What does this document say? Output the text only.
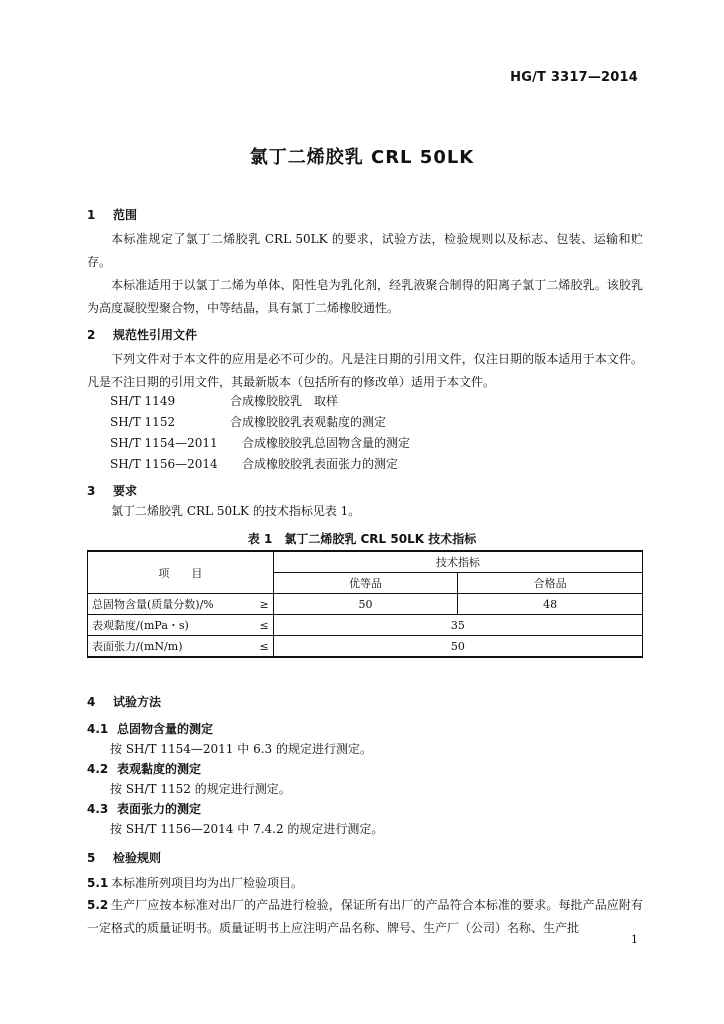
HG/T 3317—2014
氯丁二烯胶乳 CRL 50LK
1 范围
本标准规定了氯丁二烯胶乳 CRL 50LK 的要求，试验方法，检验规则以及标志、包装、运输和贮存。
本标准适用于以氯丁二烯为单体、阳性皂为乳化剂，经乳液聚合制得的阳离子氯丁二烯胶乳。该胶乳为高度凝胶型聚合物，中等结晶，具有氯丁二烯橡胶通性。
2 规范性引用文件
下列文件对于本文件的应用是必不可少的。凡是注日期的引用文件，仅注日期的版本适用于本文件。凡是不注日期的引用文件，其最新版本（包括所有的修改单）适用于本文件。
SH/T 1149	合成橡胶胶乳　取样
SH/T 1152	合成橡胶胶乳表观黏度的测定
SH/T 1154—2011 合成橡胶胶乳总固物含量的测定
SH/T 1156—2014 合成橡胶胶乳表面张力的测定
3 要求
氯丁二烯胶乳 CRL 50LK 的技术指标见表 1。
表 1　氯丁二烯胶乳 CRL 50LK 技术指标
项　　目		技术指标	
		优等品	合格品
总固物含量(质量分数)/%	≥	50	48
表观黏度/(mPa・s)	≤	35	
表面张力/(mN/m)	≤	50	
4 试验方法
4.1 总固物含量的测定
按 SH/T 1154—2011 中 6.3 的规定进行测定。
4.2 表观黏度的测定
按 SH/T 1152 的规定进行测定。
4.3 表面张力的测定
按 SH/T 1156—2014 中 7.4.2 的规定进行测定。
5 检验规则
5.1 本标准所列项目均为出厂检验项目。
5.2 生产厂应按本标准对出厂的产品进行检验，保证所有出厂的产品符合本标准的要求。每批产品应附有一定格式的质量证明书。质量证明书上应注明产品名称、牌号、生产厂（公司）名称、生产批
1
